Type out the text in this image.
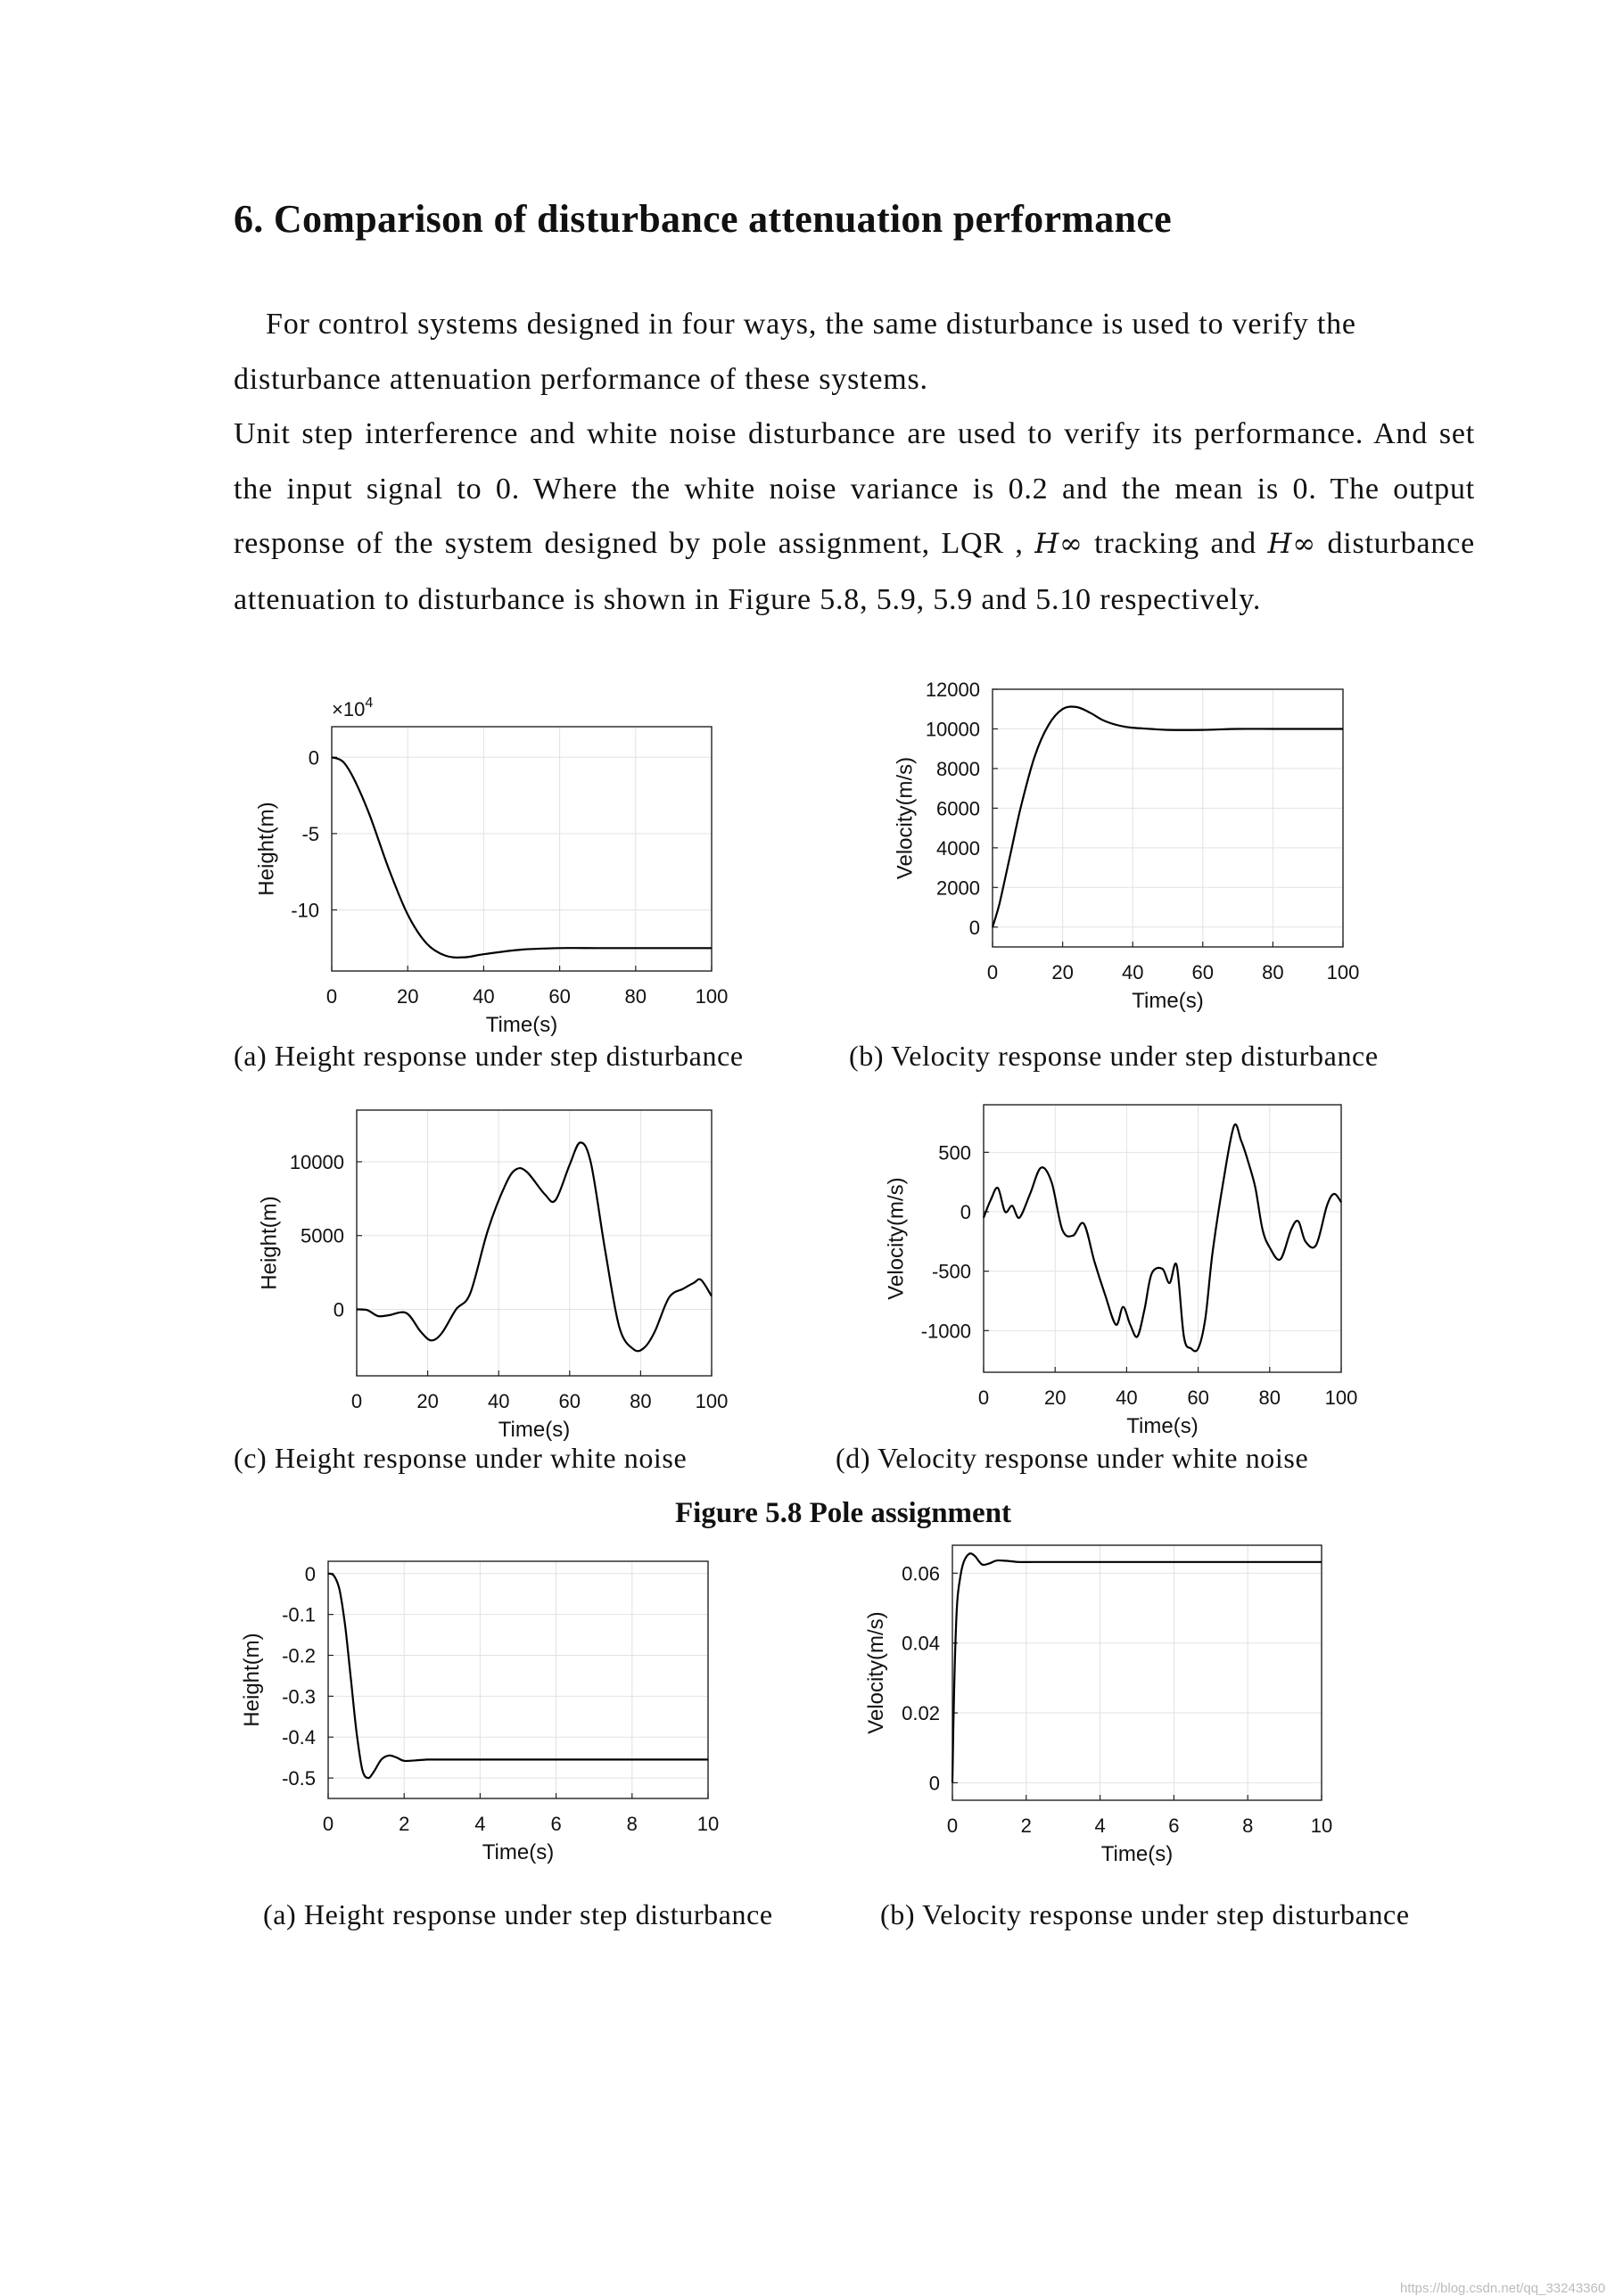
6. Comparison of disturbance attenuation performance

For control systems designed in four ways, the same disturbance is used to verify the disturbance attenuation performance of these systems.

Unit step interference and white noise disturbance are used to verify its performance. And set the input signal to 0. Where the white noise variance is 0.2 and the mean is 0. The output response of the system designed by pole assignment, LQR , H∞ tracking and H∞ disturbance attenuation to disturbance is shown in Figure 5.8, 5.9, 5.9 and 5.10 respectively.

0	20	40	60	80 100
0
-5
-10
Time(s)
Height(m)
$\times 10^4$
0	20 40 60 80 100
0
2000
4000
6000
8000
10000
12000
Time(s)
Velocity(m/s)
0	20	40	60	80 100
0
5000
10000
Time(s)
Height(m)
0	20	40	60	80 100
-1000
-500
0
500
Time(s)
Velocity(m/s)
0	2	4	6	8	10
0
-0.1
-0.2
-0.3
-0.4
-0.5
Time(s)
Height(m)
0	2	4	6	8	10
0
0.02
0.04
0.06
Time(s)
Velocity(m/s)
(a) Height response under step disturbance	(b) Velocity response under step disturbance
(c) Height response under white noise	(d) Velocity response under white noise
Figure 5.8 Pole assignment
(a) Height response under step disturbance	(b) Velocity response under step disturbance
https://blog.csdn.net/qq_33243360
